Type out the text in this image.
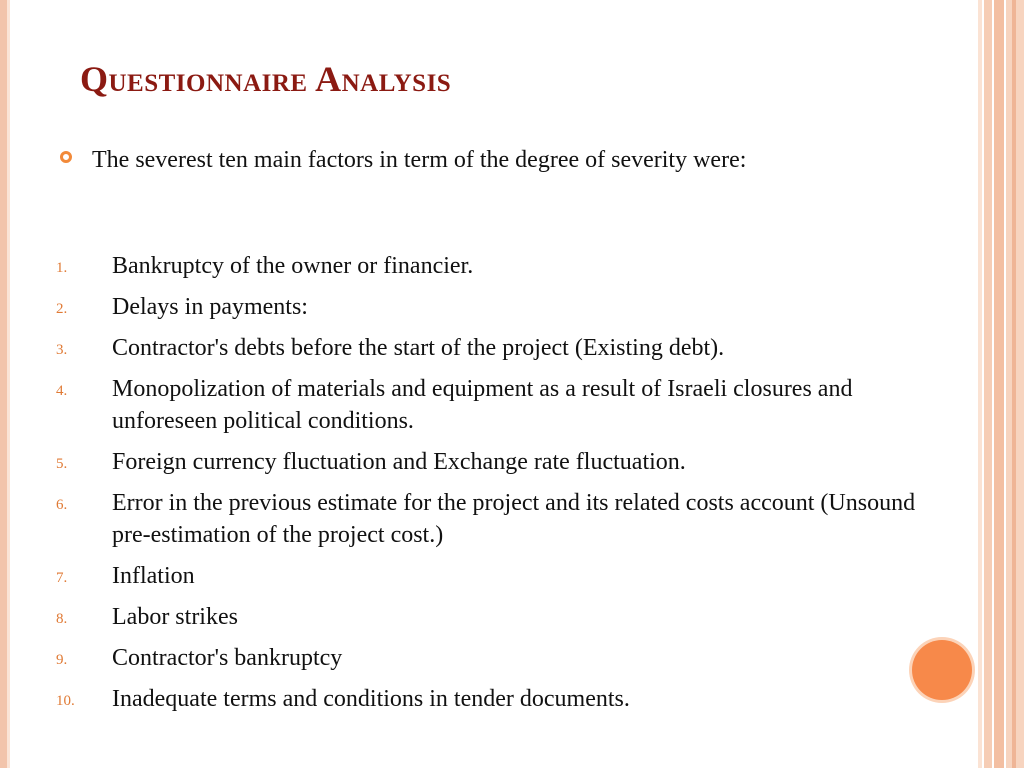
Questionnaire Analysis
The severest ten main factors in term of the degree of severity were:
1. Bankruptcy of the owner or financier.
2. Delays in payments:
3. Contractor's debts before the start of the project (Existing debt).
4. Monopolization of materials and equipment as a result of Israeli closures and unforeseen political conditions.
5. Foreign currency fluctuation and Exchange rate fluctuation.
6. Error in the previous estimate for the project and its related costs account (Unsound pre-estimation of the project cost.)
7. Inflation
8. Labor strikes
9. Contractor's bankruptcy
10. Inadequate terms and conditions in tender documents.
